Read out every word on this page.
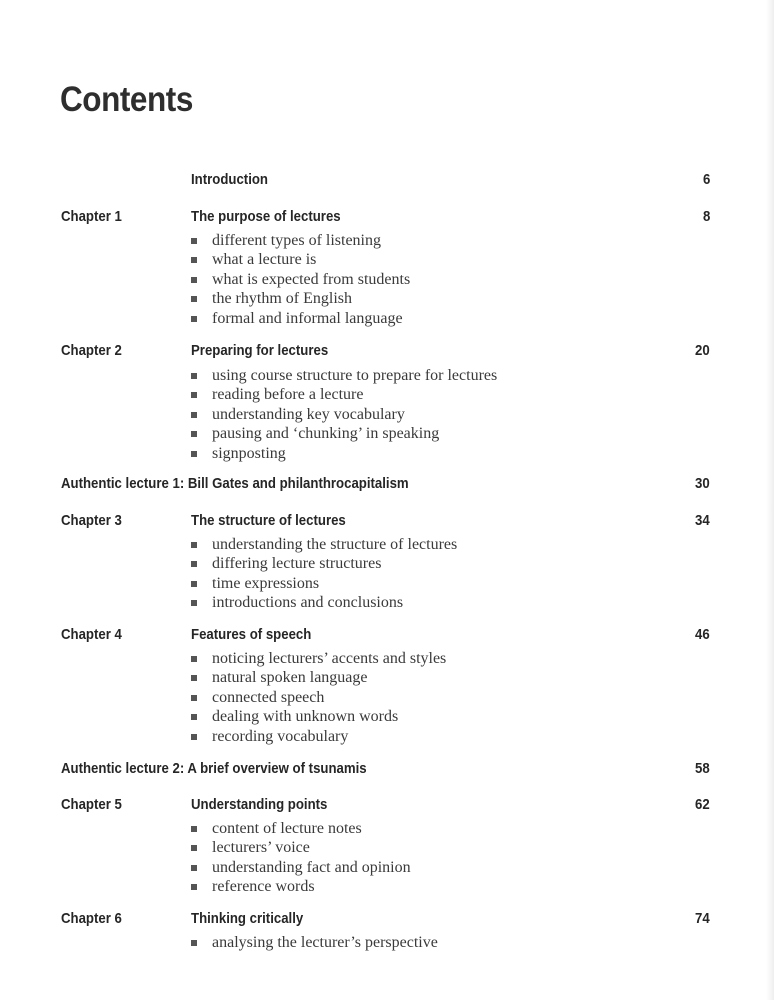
Contents
Introduction	6
Chapter 1	The purpose of lectures	8
different types of listening
what a lecture is
what is expected from students
the rhythm of English
formal and informal language
Chapter 2	Preparing for lectures	20
using course structure to prepare for lectures
reading before a lecture
understanding key vocabulary
pausing and ‘chunking’ in speaking
signposting
Authentic lecture 1: Bill Gates and philanthrocapitalism	30
Chapter 3	The structure of lectures	34
understanding the structure of lectures
differing lecture structures
time expressions
introductions and conclusions
Chapter 4	Features of speech	46
noticing lecturers’ accents and styles
natural spoken language
connected speech
dealing with unknown words
recording vocabulary
Authentic lecture 2: A brief overview of tsunamis	58
Chapter 5	Understanding points	62
content of lecture notes
lecturers’ voice
understanding fact and opinion
reference words
Chapter 6	Thinking critically	74
analysing the lecturer’s perspective
